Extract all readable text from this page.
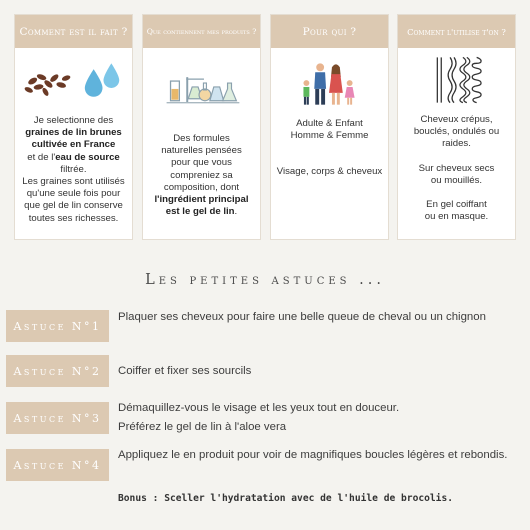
Comment est il fait ?
Je selectionne des
graines de lin brunes
cultivée en France
et de l'eau de source
filtrée.
Les graines sont utilisés
qu'une seule fois pour
que gel de lin conserve
toutes ses richesses.
Que contiennent mes produits ?
Des formules
naturelles pensées
pour que vous
compreniez sa
composition, dont
l'ingrédient principal
est le gel de lin.
Pour qui ?
Adulte & Enfant
Homme & Femme
Visage, corps & cheveux
Comment l'utilise t'on ?
Cheveux crépus,
bouclés, ondulés ou
raides.
Sur cheveux secs
ou mouillés.
En gel coiffant
ou en masque.
Les petites astuces ...
Astuce N°1
Plaquer ses cheveux pour faire une belle queue de cheval ou un chignon
Astuce N°2 Coiffer et fixer ses sourcils
Astuce N°3
Démaquillez-vous le visage et les yeux tout en douceur.
Préférez le gel de lin à l'aloe vera
Astuce N°4
Appliquez le en produit pour voir de magnifiques boucles légères et rebondis.
Bonus : Sceller l'hydratation avec de l'huile de brocolis.
